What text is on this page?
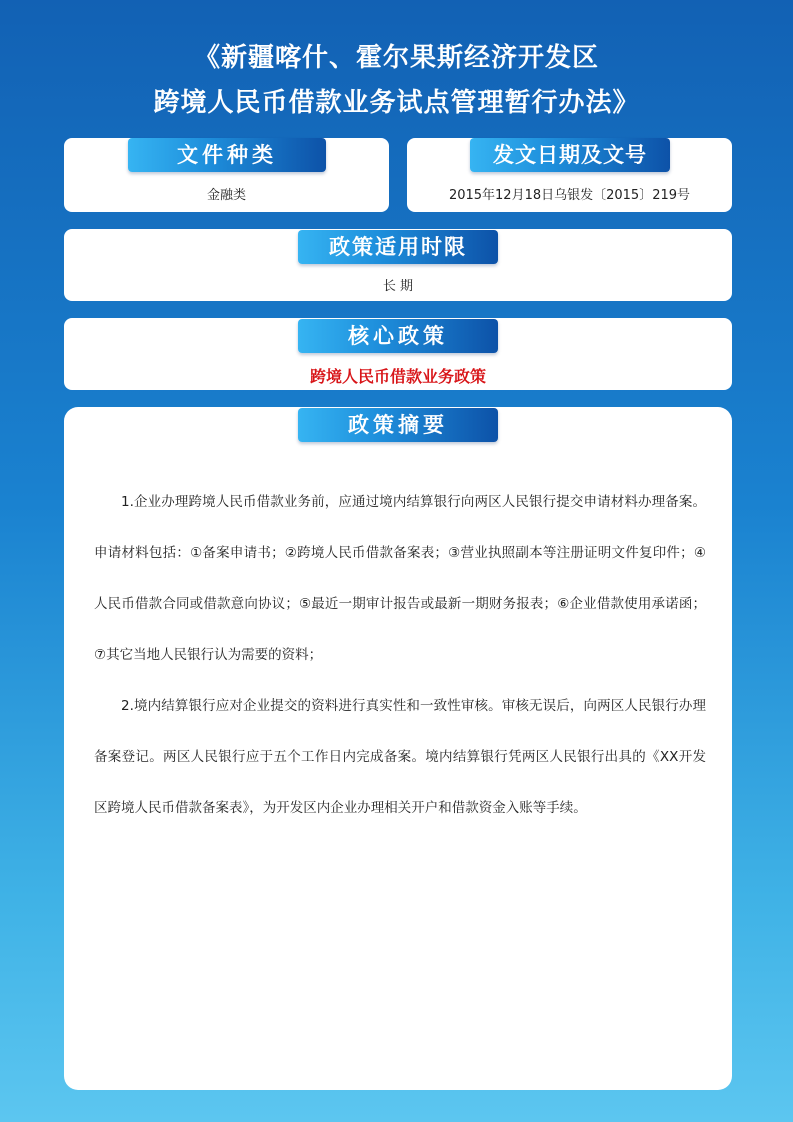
《新疆喀什、霍尔果斯经济开发区
跨境人民币借款业务试点管理暂行办法》
文件种类
金融类
发文日期及文号
2015年12月18日乌银发〔2015〕219号
政策适用时限
长 期
核心政策
跨境人民币借款业务政策
政策摘要

1.企业办理跨境人民币借款业务前，应通过境内结算银行向两区人民银行提交申请材料办理备案。申请材料包括：①备案申请书；②跨境人民币借款备案表；③营业执照副本等注册证明文件复印件；④人民币借款合同或借款意向协议；⑤最近一期审计报告或最新一期财务报表；⑥企业借款使用承诺函；⑦其它当地人民银行认为需要的资料；

2.境内结算银行应对企业提交的资料进行真实性和一致性审核。审核无误后，向两区人民银行办理备案登记。两区人民银行应于五个工作日内完成备案。境内结算银行凭两区人民银行出具的《XX开发区跨境人民币借款备案表》，为开发区内企业办理相关开户和借款资金入账等手续。
